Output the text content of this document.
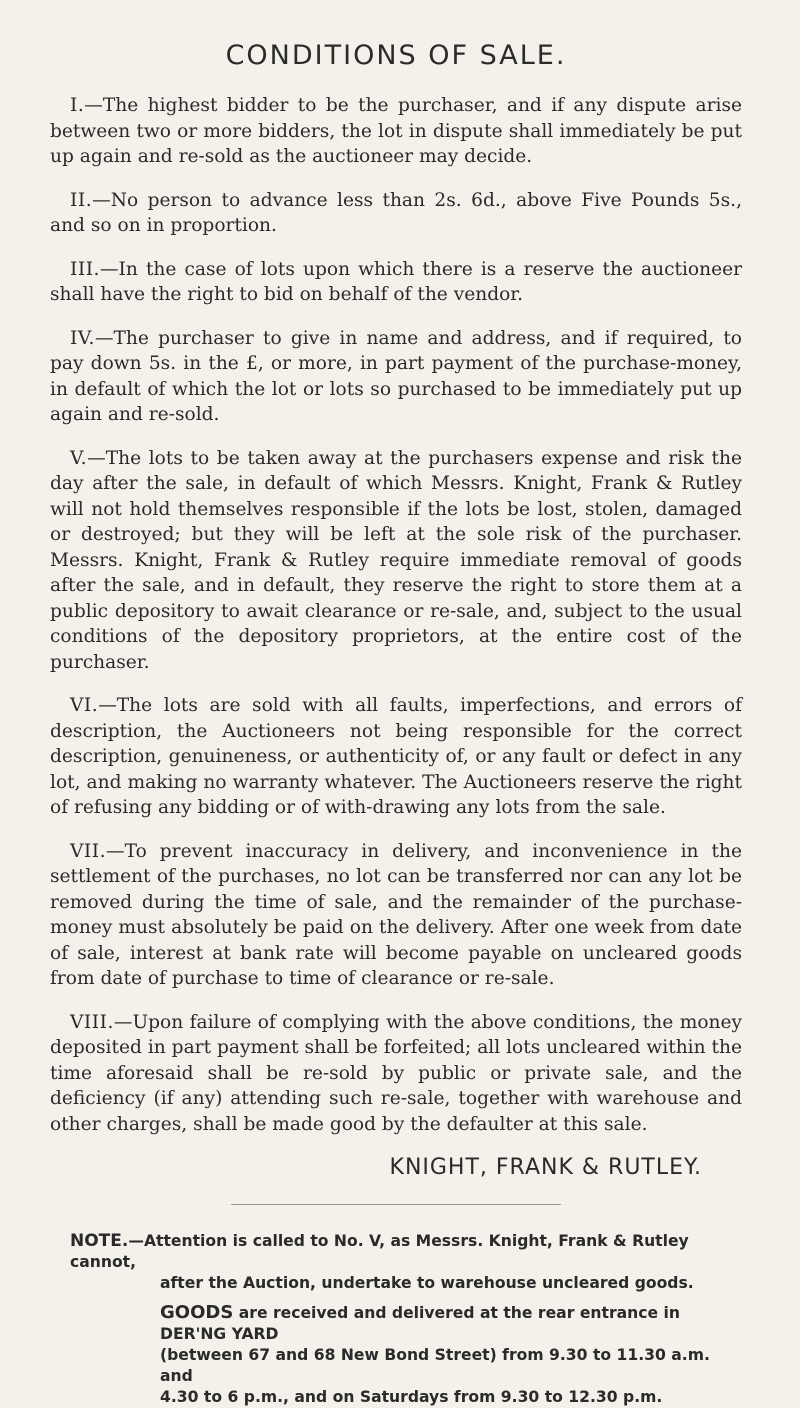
CONDITIONS OF SALE.

I.—The highest bidder to be the purchaser, and if any dispute arise between two or more bidders, the lot in dispute shall immediately be put up again and re-sold as the auctioneer may decide.

II.—No person to advance less than 2s. 6d., above Five Pounds 5s., and so on in proportion.

III.—In the case of lots upon which there is a reserve the auctioneer shall have the right to bid on behalf of the vendor.

IV.—The purchaser to give in name and address, and if required, to pay down 5s. in the £, or more, in part payment of the purchase-money, in default of which the lot or lots so purchased to be immediately put up again and re-sold.

V.—The lots to be taken away at the purchasers expense and risk the day after the sale, in default of which Messrs. Knight, Frank & Rutley will not hold themselves responsible if the lots be lost, stolen, damaged or destroyed; but they will be left at the sole risk of the purchaser. Messrs. Knight, Frank & Rutley require immediate removal of goods after the sale, and in default, they reserve the right to store them at a public depository to await clearance or re-sale, and, subject to the usual conditions of the depository proprietors, at the entire cost of the purchaser.

VI.—The lots are sold with all faults, imperfections, and errors of description, the Auctioneers not being responsible for the correct description, genuineness, or authenticity of, or any fault or defect in any lot, and making no warranty whatever. The Auctioneers reserve the right of refusing any bidding or of with-drawing any lots from the sale.

VII.—To prevent inaccuracy in delivery, and inconvenience in the settlement of the purchases, no lot can be transferred nor can any lot be removed during the time of sale, and the remainder of the purchase-money must absolutely be paid on the delivery. After one week from date of sale, interest at bank rate will become payable on uncleared goods from date of purchase to time of clearance or re-sale.

VIII.—Upon failure of complying with the above conditions, the money deposited in part payment shall be forfeited; all lots uncleared within the time aforesaid shall be re-sold by public or private sale, and the deficiency (if any) attending such re-sale, together with warehouse and other charges, shall be made good by the defaulter at this sale.

KNIGHT, FRANK & RUTLEY.
NOTE.—Attention is called to No. V, as Messrs. Knight, Frank & Rutley cannot,
after the Auction, undertake to warehouse uncleared goods.
GOODS are received and delivered at the rear entrance in DER'NG YARD
(between 67 and 68 New Bond Street) from 9.30 to 11.30 a.m. and
4.30 to 6 p.m., and on Saturdays from 9.30 to 12.30 p.m.
